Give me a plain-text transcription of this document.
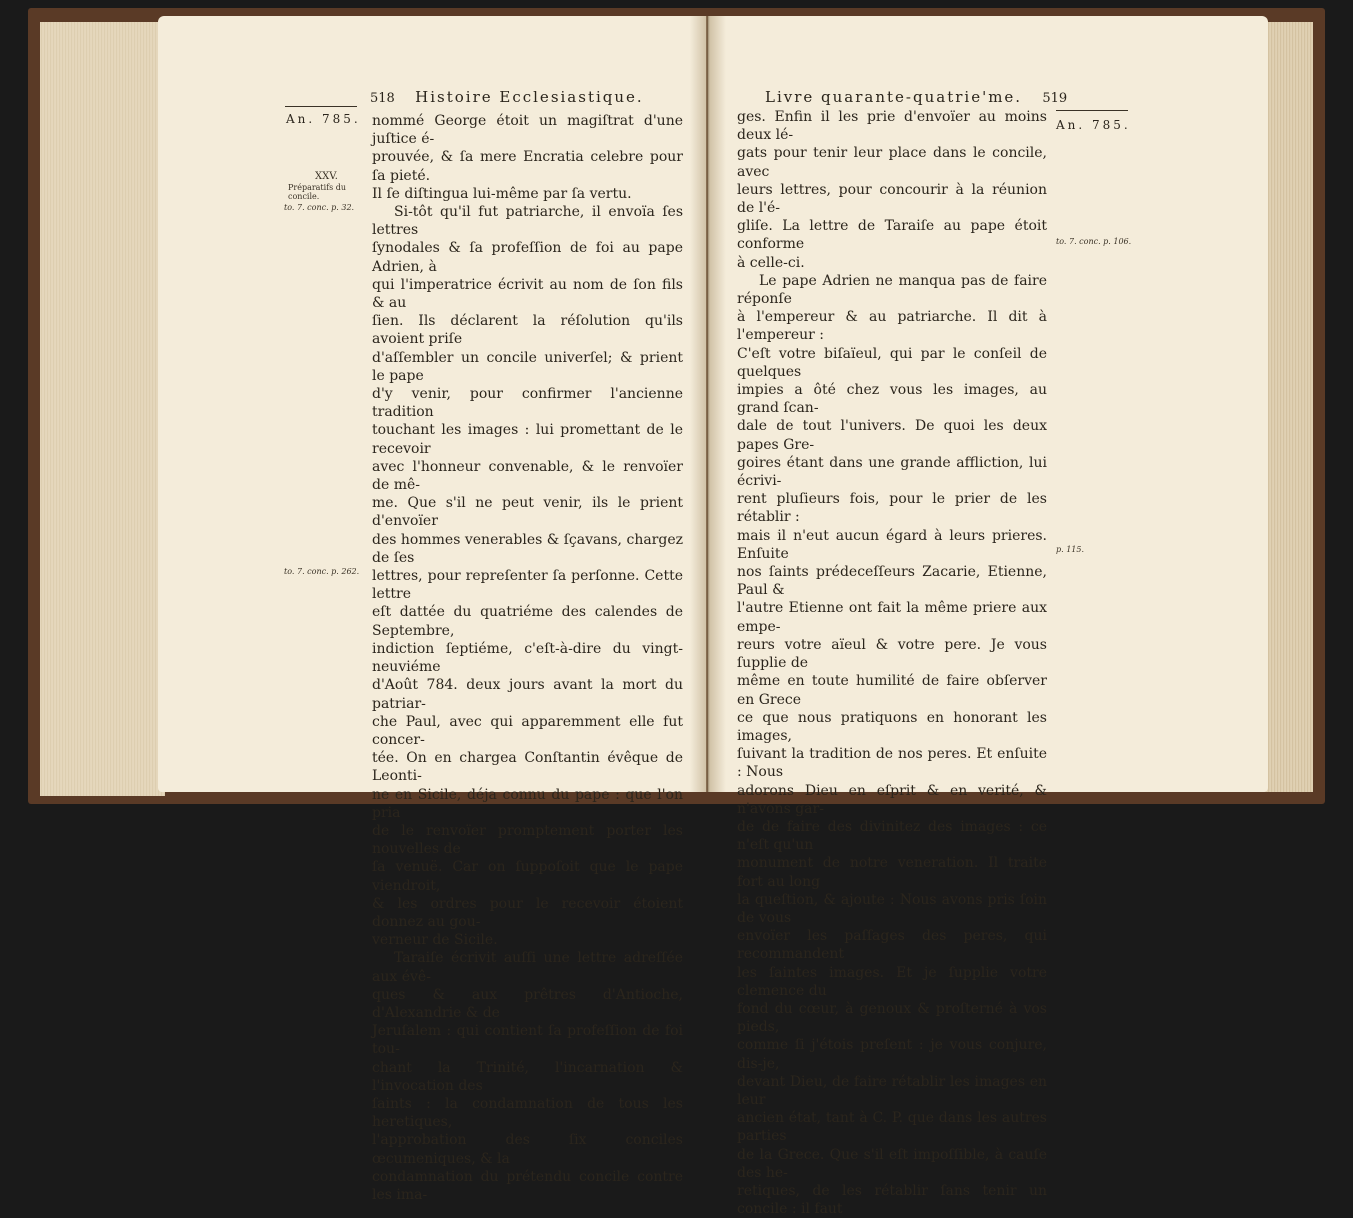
518 Histoire Ecclesiastique.
An. 785.
XXV.
Préparatifs du
concile.
to. 7. conc. p. 32.
to. 7. conc. p. 262.

nommé George étoit un magiſtrat d'une juſtice é-

prouvée, & ſa mere Encratia celebre pour ſa pieté.

Il ſe diſtingua lui-même par ſa vertu.

Si-tôt qu'il fut patriarche, il envoïa ſes lettres

ſynodales & ſa profeſſion de foi au pape Adrien, à

qui l'imperatrice écrivit au nom de ſon fils & au

ſien. Ils déclarent la réſolution qu'ils avoient priſe

d'aſſembler un concile univerſel; & prient le pape

d'y venir, pour confirmer l'ancienne tradition

touchant les images : lui promettant de le recevoir

avec l'honneur convenable, & le renvoïer de mê-

me. Que s'il ne peut venir, ils le prient d'envoïer

des hommes venerables & ſçavans, chargez de ſes

lettres, pour repreſenter ſa perſonne. Cette lettre

eſt dattée du quatriéme des calendes de Septembre,

indiction ſeptiéme, c'eſt-à-dire du vingt-neuviéme

d'Août 784. deux jours avant la mort du patriar-

che Paul, avec qui apparemment elle fut concer-

tée. On en chargea Conſtantin évêque de Leonti-

ne en Sicile, déja connu du pape : que l'on pria

de le renvoïer promptement porter les nouvelles de

ſa venuë. Car on ſuppoſoit que le pape viendroit,

& les ordres pour le recevoir étoient donnez au gou-

verneur de Sicile.

Taraiſe écrivit auſſi une lettre adreſſée aux évê-

ques & aux prêtres d'Antioche, d'Alexandrie & de

Jeruſalem : qui contient ſa profeſſion de foi tou-

chant la Trinité, l'incarnation & l'invocation des

ſaints : la condamnation de tous les heretiques,

l'approbation des ſix conciles œcumeniques, & la

condamnation du prétendu concile contre les ima-

Livre quarante-quatrie'me. 519
An. 785.
to. 7. conc. p. 106.
p. 115.

ges. Enfin il les prie d'envoïer au moins deux lé-

gats pour tenir leur place dans le concile, avec

leurs lettres, pour concourir à la réunion de l'é-

gliſe. La lettre de Taraiſe au pape étoit conforme

à celle-ci.

Le pape Adrien ne manqua pas de faire réponſe

à l'empereur & au patriarche. Il dit à l'empereur :

C'eſt votre biſaïeul, qui par le conſeil de quelques

impies a ôté chez vous les images, au grand ſcan-

dale de tout l'univers. De quoi les deux papes Gre-

goires étant dans une grande affliction, lui écrivi-

rent pluſieurs fois, pour le prier de les rétablir :

mais il n'eut aucun égard à leurs prieres. Enſuite

nos ſaints prédeceſſeurs Zacarie, Etienne, Paul &

l'autre Etienne ont fait la même priere aux empe-

reurs votre aïeul & votre pere. Je vous ſupplie de

même en toute humilité de faire obſerver en Grece

ce que nous pratiquons en honorant les images,

ſuivant la tradition de nos peres. Et enſuite : Nous

adorons Dieu en eſprit & en verité, & n'avons gar-

de de faire des divinitez des images : ce n'eſt qu'un

monument de notre veneration. Il traite fort au long

la queſtion, & ajoute : Nous avons pris ſoin de vous

envoïer les paſſages des peres, qui recommandent

les ſaintes images. Et je ſupplie votre clemence du

fond du cœur, à genoux & proſterné à vos pieds,

comme ſi j'étois preſent : je vous conjure, dis-je,

devant Dieu, de faire rétablir les images en leur

ancien état, tant à C. P. que dans les autres parties

de la Grece. Que s'il eſt impoſſible, à cauſe des he-

retiques, de les rétablir ſans tenir un concile : il faut
